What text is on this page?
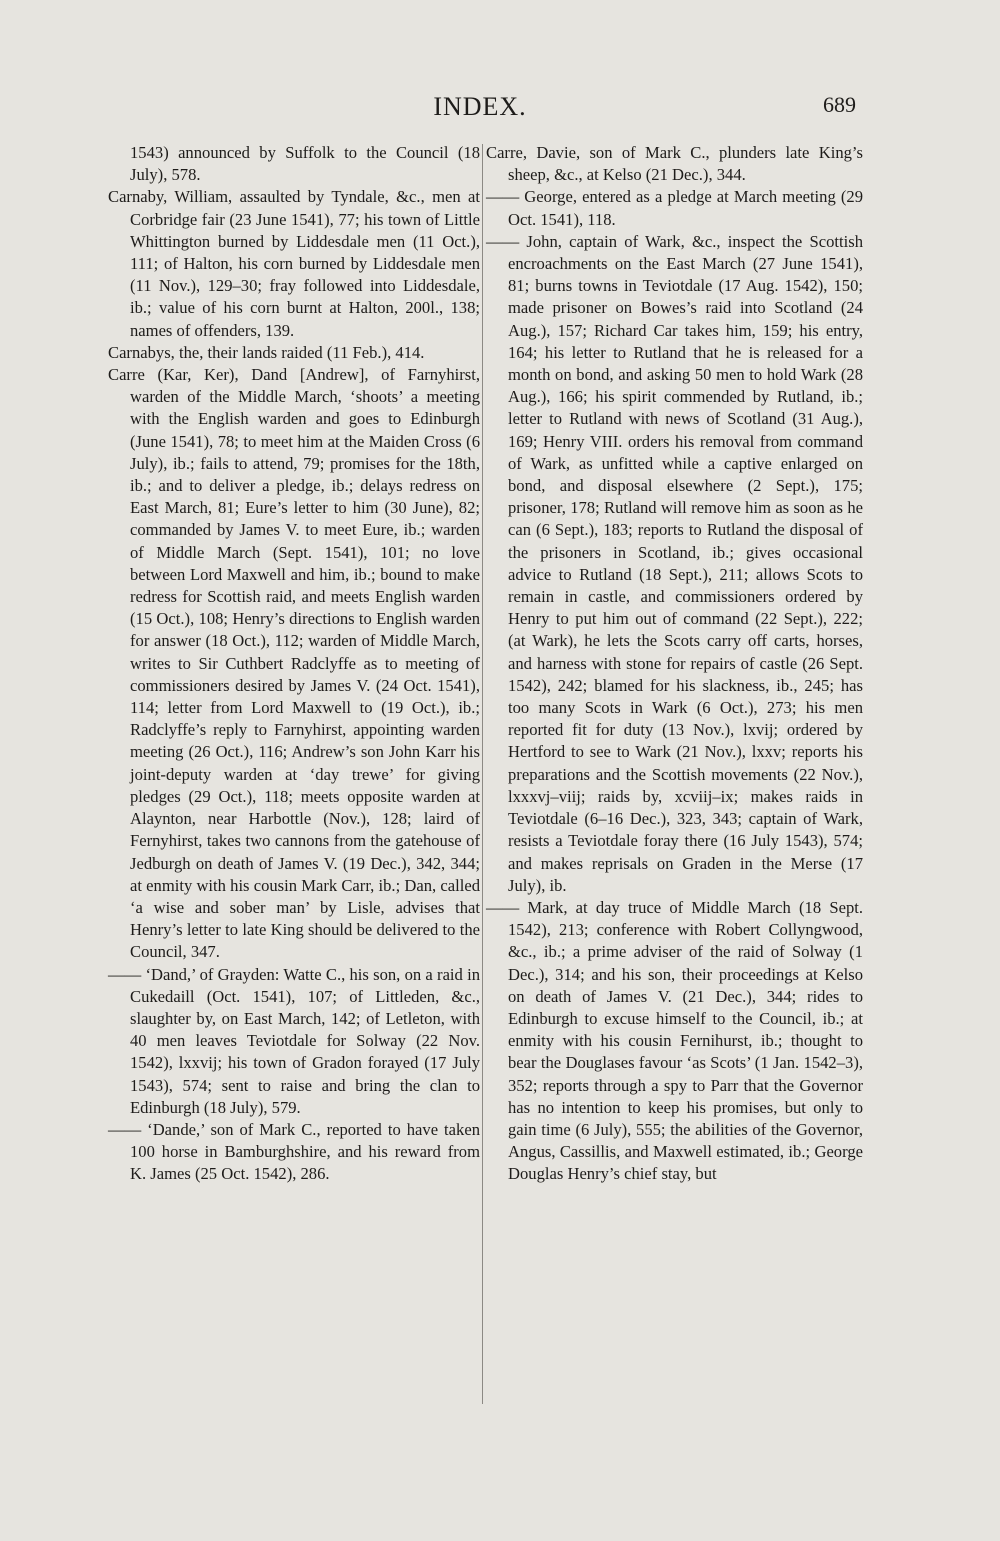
INDEX.	689

1543) announced by Suffolk to the Council (18 July), 578.

Carnaby, William, assaulted by Tyndale, &c., men at Corbridge fair (23 June 1541), 77; his town of Little Whittington burned by Liddesdale men (11 Oct.), 111; of Halton, his corn burned by Liddesdale men (11 Nov.), 129–30; fray followed into Liddesdale, ib.; value of his corn burnt at Halton, 200l., 138; names of offenders, 139.

Carnabys, the, their lands raided (11 Feb.), 414.

Carre (Kar, Ker), Dand [Andrew], of Farnyhirst, warden of the Middle March, ‘shoots’ a meeting with the English warden and goes to Edinburgh (June 1541), 78; to meet him at the Maiden Cross (6 July), ib.; fails to attend, 79; promises for the 18th, ib.; and to deliver a pledge, ib.; delays redress on East March, 81; Eure’s letter to him (30 June), 82; commanded by James V. to meet Eure, ib.; warden of Middle March (Sept. 1541), 101; no love between Lord Maxwell and him, ib.; bound to make redress for Scottish raid, and meets English warden (15 Oct.), 108; Henry’s directions to English warden for answer (18 Oct.), 112; warden of Middle March, writes to Sir Cuthbert Radclyffe as to meeting of commissioners desired by James V. (24 Oct. 1541), 114; letter from Lord Maxwell to (19 Oct.), ib.; Radclyffe’s reply to Farnyhirst, appointing warden meeting (26 Oct.), 116; Andrew’s son John Karr his joint-deputy warden at ‘day trewe’ for giving pledges (29 Oct.), 118; meets opposite warden at Alaynton, near Harbottle (Nov.), 128; laird of Fernyhirst, takes two cannons from the gatehouse of Jedburgh on death of James V. (19 Dec.), 342, 344; at enmity with his cousin Mark Carr, ib.; Dan, called ‘a wise and sober man’ by Lisle, advises that Henry’s letter to late King should be delivered to the Council, 347.

—— ‘Dand,’ of Grayden: Watte C., his son, on a raid in Cukedaill (Oct. 1541), 107; of Littleden, &c., slaughter by, on East March, 142; of Letleton, with 40 men leaves Teviotdale for Solway (22 Nov. 1542), lxxvij; his town of Gradon forayed (17 July 1543), 574; sent to raise and bring the clan to Edinburgh (18 July), 579.

—— ‘Dande,’ son of Mark C., reported to have taken 100 horse in Bamburghshire, and his reward from K. James (25 Oct. 1542), 286.

Carre, Davie, son of Mark C., plunders late King’s sheep, &c., at Kelso (21 Dec.), 344.

—— George, entered as a pledge at March meeting (29 Oct. 1541), 118.

—— John, captain of Wark, &c., inspect the Scottish encroachments on the East March (27 June 1541), 81; burns towns in Teviotdale (17 Aug. 1542), 150; made prisoner on Bowes’s raid into Scotland (24 Aug.), 157; Richard Car takes him, 159; his entry, 164; his letter to Rutland that he is released for a month on bond, and asking 50 men to hold Wark (28 Aug.), 166; his spirit commended by Rutland, ib.; letter to Rutland with news of Scotland (31 Aug.), 169; Henry VIII. orders his removal from command of Wark, as unfitted while a captive enlarged on bond, and disposal elsewhere (2 Sept.), 175; prisoner, 178; Rutland will remove him as soon as he can (6 Sept.), 183; reports to Rutland the disposal of the prisoners in Scotland, ib.; gives occasional advice to Rutland (18 Sept.), 211; allows Scots to remain in castle, and commissioners ordered by Henry to put him out of command (22 Sept.), 222; (at Wark), he lets the Scots carry off carts, horses, and harness with stone for repairs of castle (26 Sept. 1542), 242; blamed for his slackness, ib., 245; has too many Scots in Wark (6 Oct.), 273; his men reported fit for duty (13 Nov.), lxvij; ordered by Hertford to see to Wark (21 Nov.), lxxv; reports his preparations and the Scottish movements (22 Nov.), lxxxvj–viij; raids by, xcviij–ix; makes raids in Teviotdale (6–16 Dec.), 323, 343; captain of Wark, resists a Teviotdale foray there (16 July 1543), 574; and makes reprisals on Graden in the Merse (17 July), ib.

—— Mark, at day truce of Middle March (18 Sept. 1542), 213; conference with Robert Collyngwood, &c., ib.; a prime adviser of the raid of Solway (1 Dec.), 314; and his son, their proceedings at Kelso on death of James V. (21 Dec.), 344; rides to Edinburgh to excuse himself to the Council, ib.; at enmity with his cousin Fernihurst, ib.; thought to bear the Douglases favour ‘as Scots’ (1 Jan. 1542–3), 352; reports through a spy to Parr that the Governor has no intention to keep his promises, but only to gain time (6 July), 555; the abilities of the Governor, Angus, Cassillis, and Maxwell estimated, ib.; George Douglas Henry’s chief stay, but
